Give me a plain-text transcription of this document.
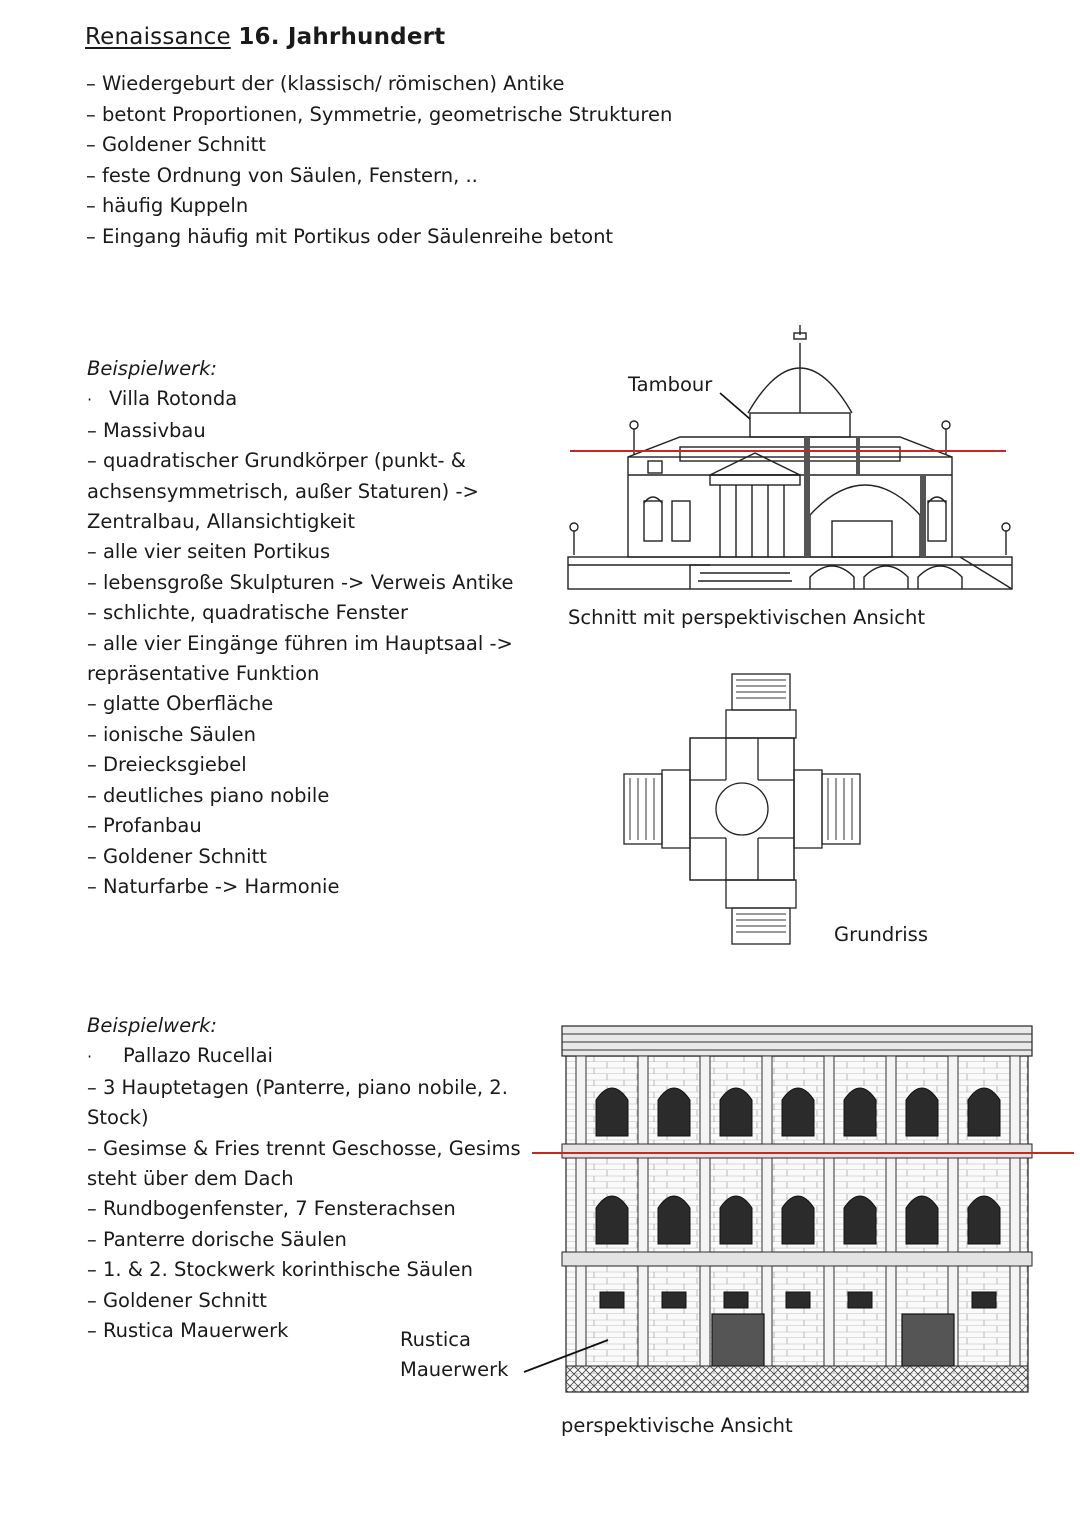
Renaissance 16. Jahrhundert
– Wiedergeburt der (klassisch/ römischen) Antike
– betont Proportionen, Symmetrie, geometrische Strukturen
– Goldener Schnitt
– feste Ordnung von Säulen, Fenstern, ..
– häufig Kuppeln
– Eingang häufig mit Portikus oder Säulenreihe betont

Beispielwerk:

· Villa Rotonda

– Massivbau

– quadratischer Grundkörper (punkt- & achsensymmetrisch, außer Staturen) -> Zentralbau, Allansichtigkeit

– alle vier seiten Portikus

– lebensgroße Skulpturen -> Verweis Antike

– schlichte, quadratische Fenster

– alle vier Eingänge führen im Hauptsaal -> repräsentative Funktion

– glatte Oberfläche

– ionische Säulen

– Dreiecksgiebel

– deutliches piano nobile

– Profanbau

– Goldener Schnitt

– Naturfarbe -> Harmonie

Tambour
Schnitt mit perspektivischen Ansicht
Grundriss

Beispielwerk:

· Pallazo Rucellai

– 3 Hauptetagen (Panterre, piano nobile, 2. Stock)

– Gesimse & Fries trennt Geschosse, Gesims steht über dem Dach

– Rundbogenfenster, 7 Fensterachsen

– Panterre dorische Säulen

– 1. & 2. Stockwerk korinthische Säulen

– Goldener Schnitt

– Rustica Mauerwerk	Rustica
Mauerwerk
perspektivische Ansicht
